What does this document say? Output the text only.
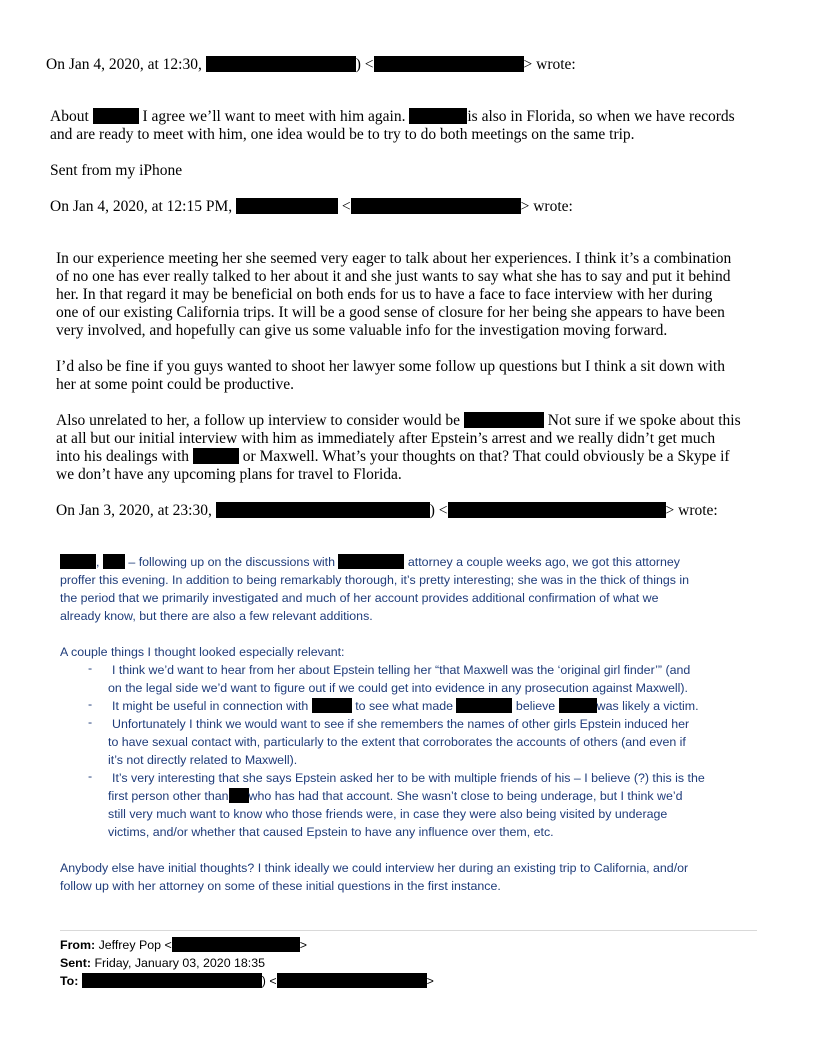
On Jan 4, 2020, at 12:30,	) <	> wrote:
About	I agree we’ll want to meet with him again.	is also in Florida, so when we have records
and are ready to meet with him, one idea would be to try to do both meetings on the same trip.
Sent from my iPhone
On Jan 4, 2020, at 12:15 PM,	<	> wrote:
In our experience meeting her she seemed very eager to talk about her experiences. I think it’s a combination
of no one has ever really talked to her about it and she just wants to say what she has to say and put it behind
her. In that regard it may be beneficial on both ends for us to have a face to face interview with her during
one of our existing California trips. It will be a good sense of closure for her being she appears to have been
very involved, and hopefully can give us some valuable info for the investigation moving forward.
I’d also be fine if you guys wanted to shoot her lawyer some follow up questions but I think a sit down with
her at some point could be productive.
Also unrelated to her, a follow up interview to consider would be	Not sure if we spoke about this
at all but our initial interview with him as immediately after Epstein’s arrest and we really didn’t get much
into his dealings with	or Maxwell. What’s your thoughts on that? That could obviously be a Skype if
we don’t have any upcoming plans for travel to Florida.
On Jan 3, 2020, at 23:30,	) <	> wrote:
, – following up on the discussions with	attorney a couple weeks ago, we got this attorney
proffer this evening. In addition to being remarkably thorough, it’s pretty interesting; she was in the thick of things in
the period that we primarily investigated and much of her account provides additional confirmation of what we
already know, but there are also a few relevant additions.
A couple things I thought looked especially relevant:
- I think we’d want to hear from her about Epstein telling her “that Maxwell was the ‘original girl finder’” (and
on the legal side we’d want to figure out if we could get into evidence in any prosecution against Maxwell).
- It might be useful in connection with	to see what made	believe	was likely a victim.
- Unfortunately I think we would want to see if she remembers the names of other girls Epstein induced her
to have sexual contact with, particularly to the extent that corroborates the accounts of others (and even if
it’s not directly related to Maxwell).
- It’s very interesting that she says Epstein asked her to be with multiple friends of his – I believe (?) this is the
first person other than who has had that account. She wasn’t close to being underage, but I think we’d
still very much want to know who those friends were, in case they were also being visited by underage
victims, and/or whether that caused Epstein to have any influence over them, etc.
Anybody else have initial thoughts? I think ideally we could interview her during an existing trip to California, and/or
follow up with her attorney on some of these initial questions in the first instance.
From: Jeffrey Pop <	>
Sent: Friday, January 03, 2020 18:35
To:	) <	>
